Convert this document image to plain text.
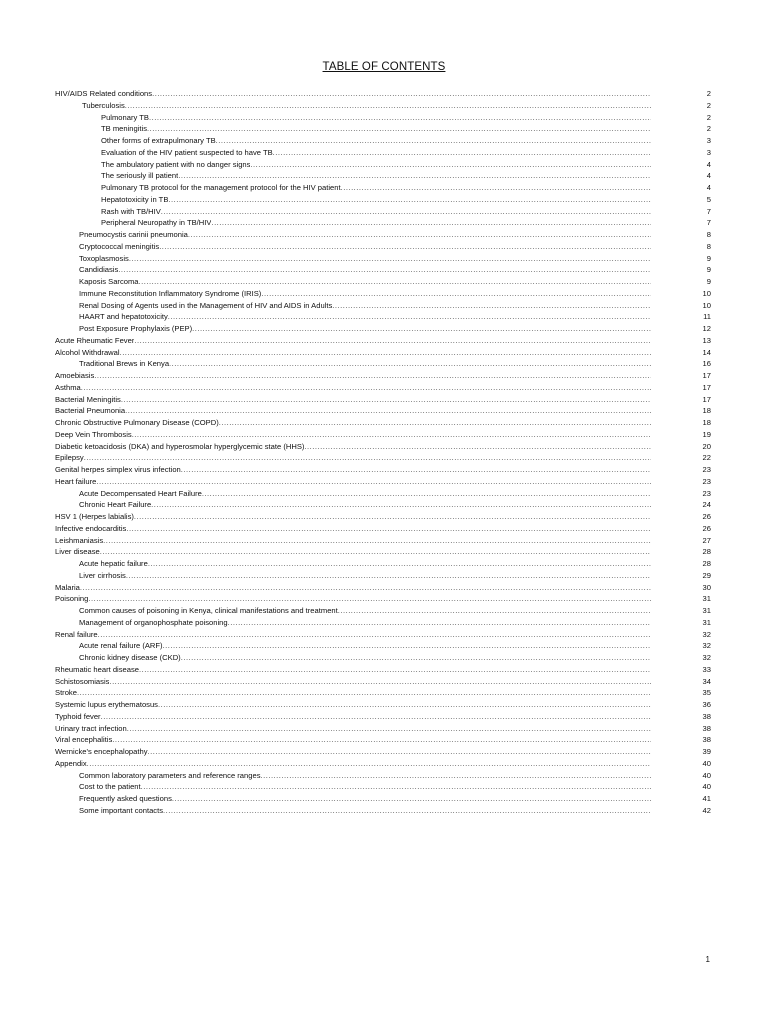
TABLE OF CONTENTS
HIV/AIDS Related conditions .....	2
Tuberculosis .....	2
Pulmonary TB .....	2
TB meningitis .....	2
Other forms of extrapulmonary TB .....	3
Evaluation of the HIV patient suspected to have TB .....	3
The ambulatory patient with no danger signs .....	4
The seriously ill patient .....	4
Pulmonary TB protocol for the management protocol for the HIV patient .....	4
Hepatotoxicity in TB .....	5
Rash with TB/HIV .....	7
Peripheral Neuropathy in TB/HIV .....	7
Pneumocystis carinii pneumonia .....	8
Cryptococcal meningitis .....	8
Toxoplasmosis .....	9
Candidiasis .....	9
Kaposis Sarcoma .....	9
Immune Reconstitution Inflammatory Syndrome (IRIS) .....	10
Renal Dosing of Agents used in the Management of HIV and AIDS in Adults .....	10
HAART and hepatotoxicity .....	11
Post Exposure Prophylaxis (PEP) .....	12
Acute Rheumatic Fever .....	13
Alcohol Withdrawal .....	14
Traditional Brews in Kenya .....	16
Amoebiasis .....	17
Asthma .....	17
Bacterial Meningitis .....	17
Bacterial Pneumonia .....	18
Chronic Obstructive Pulmonary Disease (COPD) .....	18
Deep Vein Thrombosis .....	19
Diabetic ketoacidosis (DKA) and hyperosmolar hyperglycemic state (HHS) .....	20
Epilepsy .....	22
Genital herpes simplex virus infection .....	23
Heart failure .....	23
Acute Decompensated Heart Failure .....	23
Chronic Heart Failure .....	24
HSV 1 (Herpes labialis) .....	26
Infective endocarditis .....	26
Leishmaniasis .....	27
Liver disease .....	28
Acute hepatic failure .....	28
Liver cirrhosis .....	29
Malaria .....	30
Poisoning .....	31
Common causes of poisoning in Kenya, clinical manifestations and treatment .....	31
Management of organophosphate poisoning .....	31
Renal failure .....	32
Acute renal failure (ARF) .....	32
Chronic kidney disease (CKD) .....	32
Rheumatic heart disease .....	33
Schistosomiasis .....	34
Stroke .....	35
Systemic lupus erythematosus .....	36
Typhoid fever .....	38
Urinary tract infection .....	38
Viral encephalitis .....	38
Wernicke's encephalopathy .....	39
Appendix .....	40
Common laboratory parameters and reference ranges .....	40
Cost to the patient .....	40
Frequently asked questions .....	41
Some important contacts .....	42
1
